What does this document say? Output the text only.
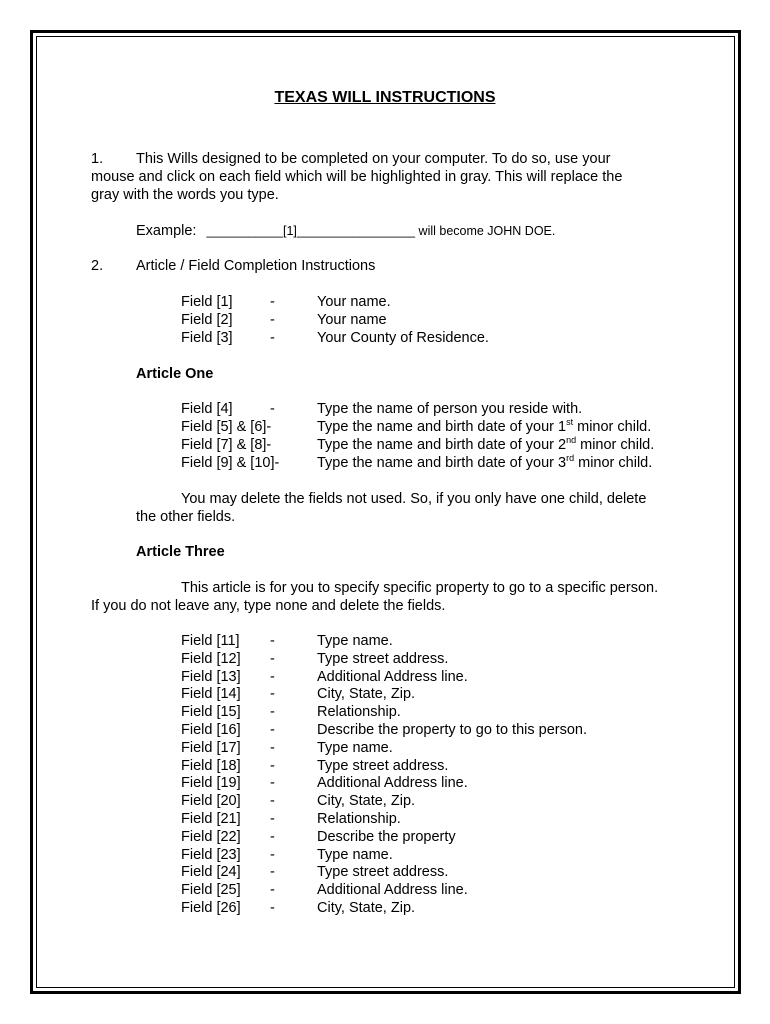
TEXAS WILL INSTRUCTIONS
1. This Wills designed to be completed on your computer. To do so, use your
mouse and click on each field which will be highlighted in gray. This will replace the
gray with the words you type.
Example: ___________[1]_________________ will become JOHN DOE.
2. Article / Field Completion Instructions
Field [1]	-	Your name.
Field [2]	-	Your name
Field [3]	-	Your County of Residence.
Article One
Field [4]	-	Type the name of person you reside with.
Field [5] & [6]-	Type the name and birth date of your 1st minor child.
Field [7] & [8]-	Type the name and birth date of your 2nd minor child.
Field [9] & [10]-	Type the name and birth date of your 3rd minor child.
You may delete the fields not used. So, if you only have one child, delete
the other fields.
Article Three
This article is for you to specify specific property to go to a specific person.
If you do not leave any, type none and delete the fields.
Field [11] -	Type name.
Field [12] -	Type street address.
Field [13] -	Additional Address line.
Field [14] -	City, State, Zip.
Field [15] -	Relationship.
Field [16] -	Describe the property to go to this person.
Field [17] -	Type name.
Field [18] -	Type street address.
Field [19] -	Additional Address line.
Field [20] -	City, State, Zip.
Field [21] -	Relationship.
Field [22] -	Describe the property
Field [23] -	Type name.
Field [24] -	Type street address.
Field [25] -	Additional Address line.
Field [26] -	City, State, Zip.
